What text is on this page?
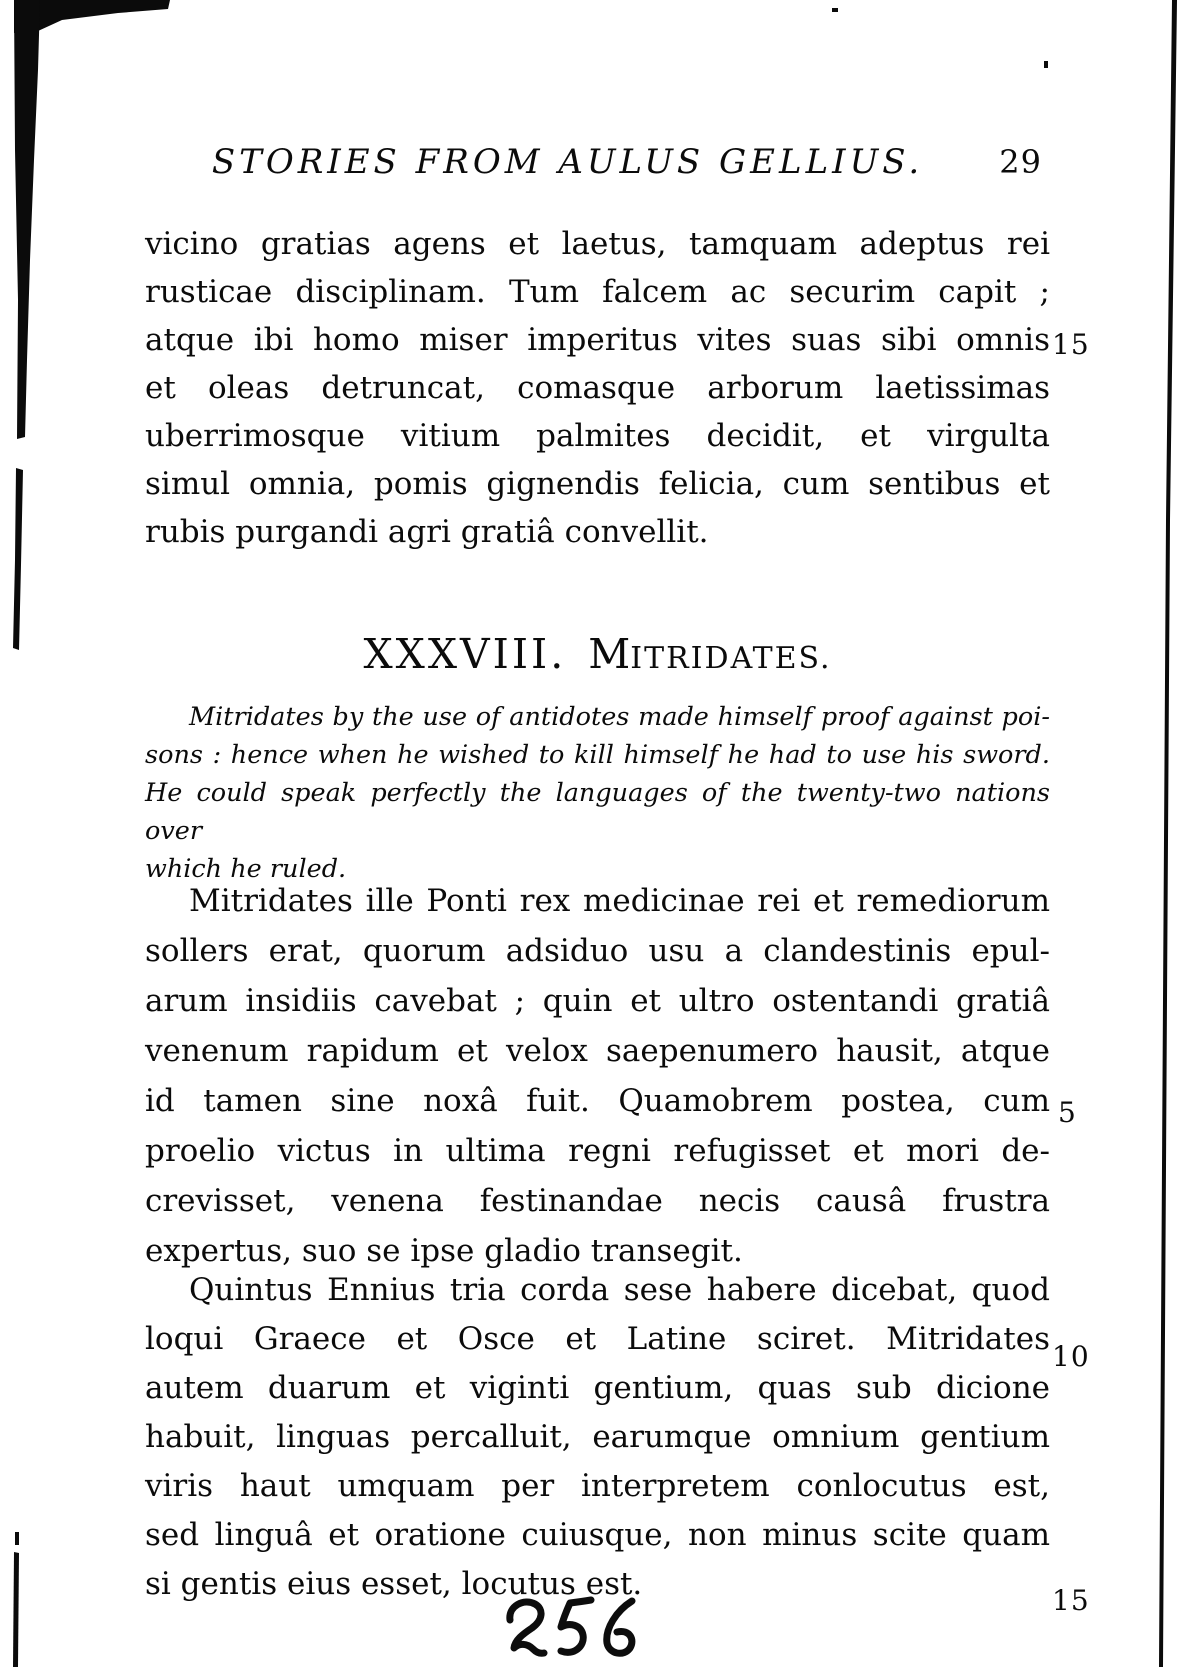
STORIES FROM AULUS GELLIUS.	29
vicino gratias agens et laetus, tamquam adeptus rei
rusticae disciplinam. Tum falcem ac securim capit ;
atque ibi homo miser imperitus vites suas sibi omnis
et oleas detruncat, comasque arborum laetissimas
uberrimosque vitium palmites decidit, et virgulta
simul omnia, pomis gignendis felicia, cum sentibus et
rubis purgandi agri gratiâ convellit.
XXXVIII. MITRIDATES.
Mitridates by the use of antidotes made himself proof against poi-
sons : hence when he wished to kill himself he had to use his sword.
He could speak perfectly the languages of the twenty-two nations over
which he ruled.
Mitridates ille Ponti rex medicinae rei et remediorum
sollers erat, quorum adsiduo usu a clandestinis epul-
arum insidiis cavebat ; quin et ultro ostentandi gratiâ
venenum rapidum et velox saepenumero hausit, atque
id tamen sine noxâ fuit. Quamobrem postea, cum
proelio victus in ultima regni refugisset et mori de-
crevisset, venena festinandae necis causâ frustra
expertus, suo se ipse gladio transegit.
Quintus Ennius tria corda sese habere dicebat, quod
loqui Graece et Osce et Latine sciret. Mitridates
autem duarum et viginti gentium, quas sub dicione
habuit, linguas percalluit, earumque omnium gentium
viris haut umquam per interpretem conlocutus est,
sed linguâ et oratione cuiusque, non minus scite quam
si gentis eius esset, locutus est.
15
5
10
15
